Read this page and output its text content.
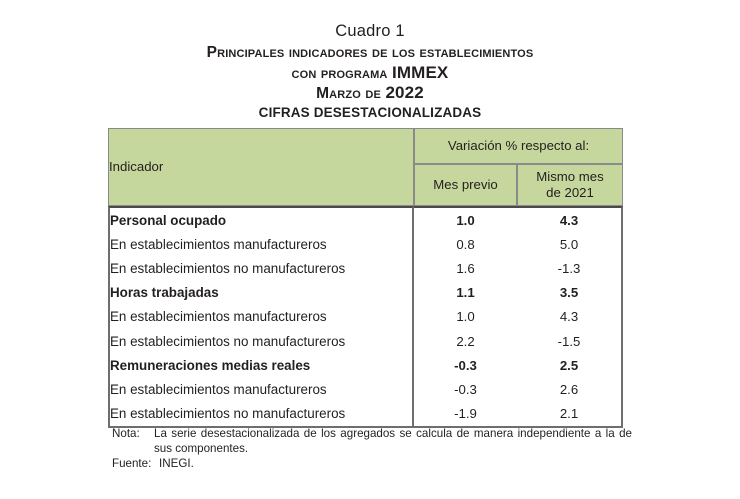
Cuadro 1
Principales indicadores de los establecimientos
con programa IMMEX
Marzo de 2022
CIFRAS DESESTACIONALIZADAS
Indicador	Variación % respecto al:	
	Mes previo	Mismo mes
de 2021
Personal ocupado	1.0	4.3
En establecimientos manufactureros	0.8	5.0
En establecimientos no manufactureros	1.6	-1.3
Horas trabajadas	1.1	3.5
En establecimientos manufactureros	1.0	4.3
En establecimientos no manufactureros	2.2	-1.5
Remuneraciones medias reales	-0.3	2.5
En establecimientos manufactureros	-0.3	2.6
En establecimientos no manufactureros	-1.9	2.1
Nota:	La serie desestacionalizada de los agregados se calcula de manera independiente a la de sus componentes.
Fuente: INEGI.
